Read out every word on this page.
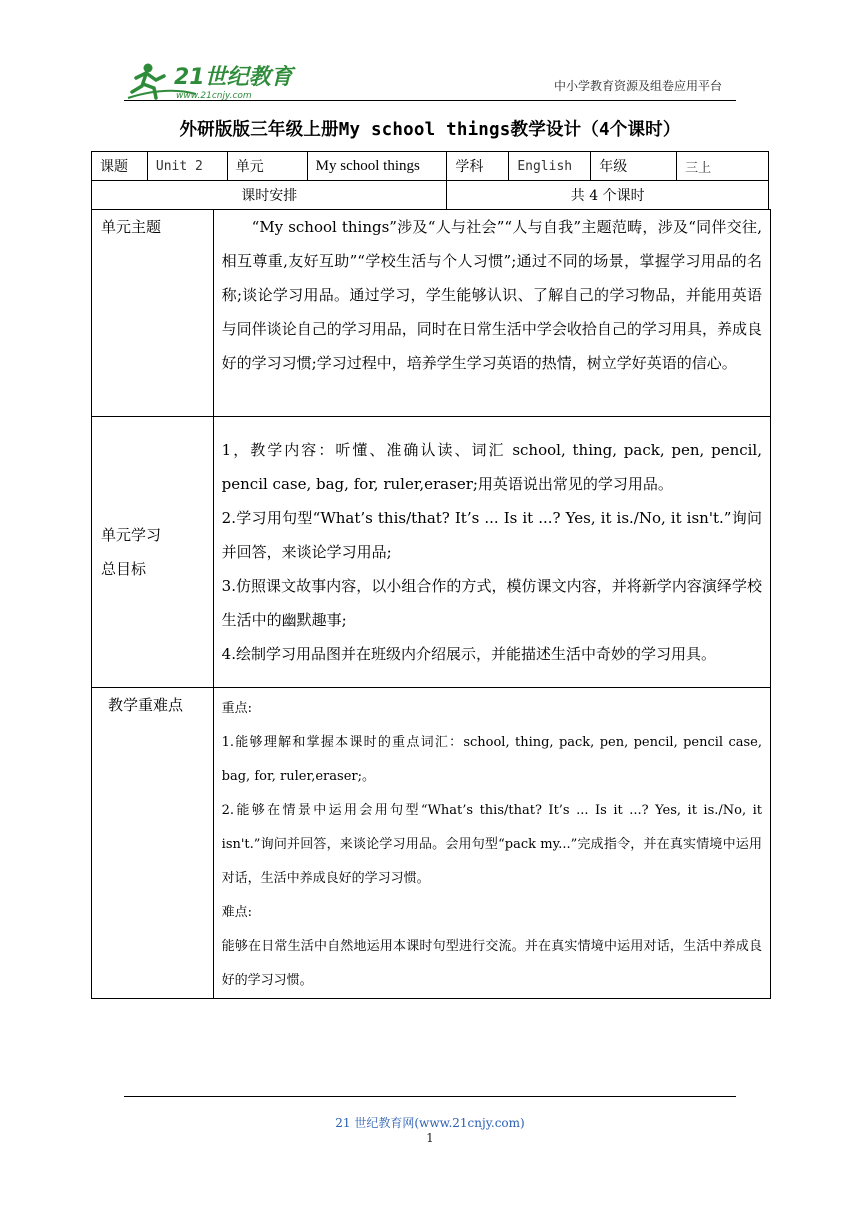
21世纪教育
www.21cnjy.com
中小学教育资源及组卷应用平台
外研版版三年级上册My school things教学设计（4个课时）
课题	Unit 2	单元	My school things	学科	English	年级	三上
课时安排				共 4 个课时			
单元主题	“My school things”涉及“人与社会”“人与自我”主题范畴，涉及“同伴交往,相互尊重,友好互助”“学校生活与个人习惯”;通过不同的场景，掌握学习用品的名称;谈论学习用品。通过学习，学生能够认识、了解自己的学习物品，并能用英语与同伴谈论自己的学习用品，同时在日常生活中学会收拾自己的学习用具，养成良好的学习习惯;学习过程中，培养学生学习英语的热情，树立学好英语的信心。

单元学习
总目标	1，教学内容：听懂、准确认读、词汇 school, thing, pack, pen, pencil, pencil case, bag, for, ruler,eraser;用英语说出常见的学习用品。
2.学习用句型“What’s this/that? It’s ... Is it ...? Yes, it is./No, it isn't.”询问并回答，来谈论学习用品;
3.仿照课文故事内容，以小组合作的方式，模仿课文内容，并将新学内容演绎学校生活中的幽默趣事;
4.绘制学习用品图并在班级内介绍展示，并能描述生活中奇妙的学习用具。

教学重难点	重点:
1.能够理解和掌握本课时的重点词汇：school, thing, pack, pen, pencil, pencil case, bag, for, ruler,eraser;。
2.能够在情景中运用会用句型“What’s this/that? It’s ... Is it ...? Yes, it is./No, it isn't.”询问并回答，来谈论学习用品。会用句型“pack my...”完成指令，并在真实情境中运用对话，生活中养成良好的学习习惯。
难点:
能够在日常生活中自然地运用本课时句型进行交流。并在真实情境中运用对话，生活中养成良好的学习习惯。
21 世纪教育网(www.21cnjy.com)
1
